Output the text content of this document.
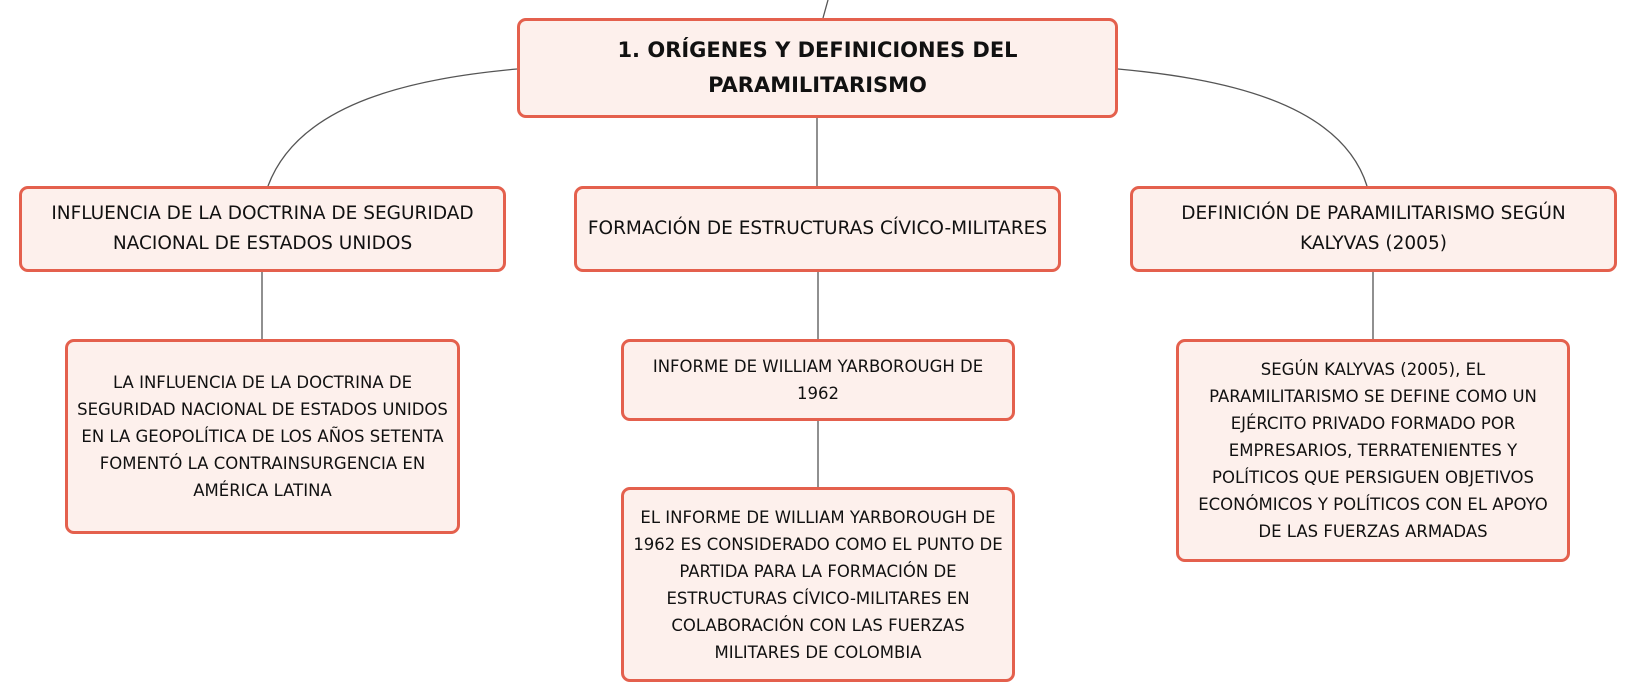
1. ORÍGENES Y DEFINICIONES DEL PARAMILITARISMO
INFLUENCIA DE LA DOCTRINA DE SEGURIDAD NACIONAL DE ESTADOS UNIDOS
FORMACIÓN DE ESTRUCTURAS CÍVICO-MILITARES
DEFINICIÓN DE PARAMILITARISMO SEGÚN KALYVAS (2005)
LA INFLUENCIA DE LA DOCTRINA DE SEGURIDAD NACIONAL DE ESTADOS UNIDOS EN LA GEOPOLÍTICA DE LOS AÑOS SETENTA FOMENTÓ LA CONTRAINSURGENCIA EN AMÉRICA LATINA
INFORME DE WILLIAM YARBOROUGH DE 1962
EL INFORME DE WILLIAM YARBOROUGH DE 1962 ES CONSIDERADO COMO EL PUNTO DE PARTIDA PARA LA FORMACIÓN DE ESTRUCTURAS CÍVICO-MILITARES EN COLABORACIÓN CON LAS FUERZAS MILITARES DE COLOMBIA
SEGÚN KALYVAS (2005), EL PARAMILITARISMO SE DEFINE COMO UN EJÉRCITO PRIVADO FORMADO POR EMPRESARIOS, TERRATENIENTES Y POLÍTICOS QUE PERSIGUEN OBJETIVOS ECONÓMICOS Y POLÍTICOS CON EL APOYO DE LAS FUERZAS ARMADAS
